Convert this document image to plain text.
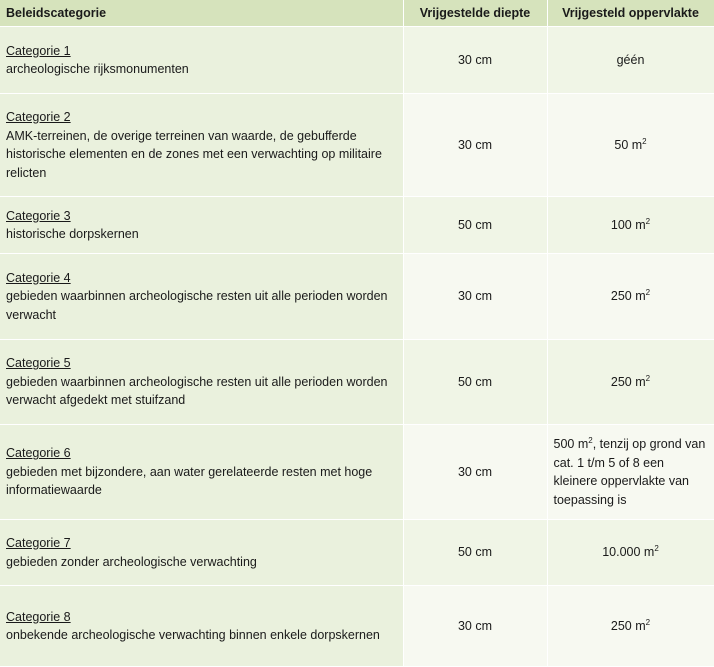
Beleidscategorie	Vrijgestelde diepte	Vrijgesteld oppervlakte

Categorie 1
archeologische rijksmonumenten	30 cm	géén

Categorie 2
AMK-terreinen, de overige terreinen van waarde, de gebufferde historische elementen en de zones met een verwachting op militaire relicten	30 cm	50 $m^2$

Categorie 3
historische dorpskernen	50 cm	100 $m^2$

Categorie 4
gebieden waarbinnen archeologische resten uit alle perioden worden verwacht	30 cm	250 $m^2$

Categorie 5
gebieden waarbinnen archeologische resten uit alle perioden worden verwacht afgedekt met stuifzand	50 cm	250 $m^2$

Categorie 6
gebieden met bijzondere, aan water gerelateerde resten met hoge informatiewaarde	30 cm	500 $m^2$, tenzij op grond van cat. 1 t/m 5 of 8 een kleinere oppervlakte van toepassing is

Categorie 7
gebieden zonder archeologische verwachting	50 cm	10.000 $m^2$

Categorie 8
onbekende archeologische verwachting binnen enkele dorpskernen	30 cm	250 $m^2$
